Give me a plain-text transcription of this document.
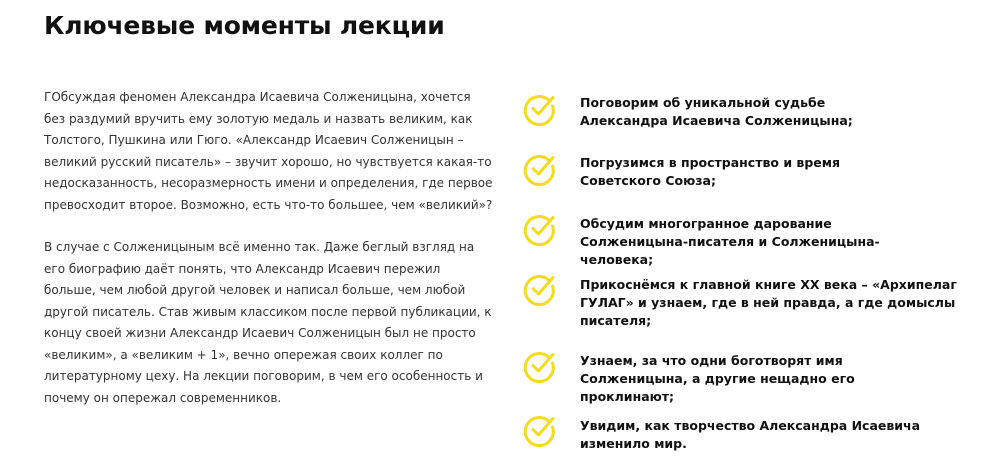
Ключевые моменты лекции

ГОбсуждая феномен Александра Исаевича Солженицына, хочется без раздумий вручить ему золотую медаль и назвать великим, как Толстого, Пушкина или Гюго. «Александр Исаевич Солженицын – великий русский писатель» – звучит хорошо, но чувствуется какая-то недосказанность, несоразмерность имени и определения, где первое превосходит второе. Возможно, есть что-то большее, чем «великий»?

В случае с Солженицыным всё именно так. Даже беглый взгляд на его биографию даёт понять, что Александр Исаевич пережил больше, чем любой другой человек и написал больше, чем любой другой писатель. Став живым классиком после первой публикации, к концу своей жизни Александр Исаевич Солженицын был не просто «великим», а «великим + 1», вечно опережая своих коллег по литературному цеху. На лекции поговорим, в чем его особенность и почему он опережал современников.

Поговорим об уникальной судьбе Александра Исаевича Солженицына;
Погрузимся в пространство и время Советского Союза;
Обсудим многогранное дарование Солженицына-писателя и Солженицына-человека;
Прикоснёмся к главной книге XX века – «Архипелаг ГУЛАГ» и узнаем, где в ней правда, а где домыслы писателя;
Узнаем, за что одни боготворят имя Солженицына, а другие нещадно его проклинают;
Увидим, как творчество Александра Исаевича изменило мир.
